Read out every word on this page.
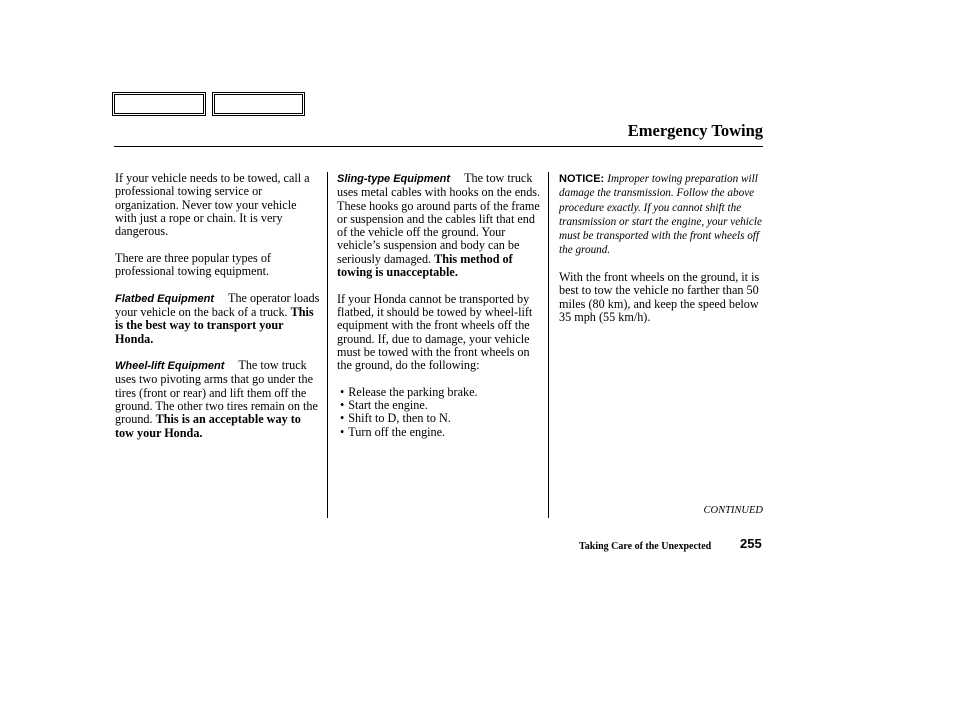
Emergency Towing

If your vehicle needs to be towed, call a professional towing service or organization. Never tow your vehicle with just a rope or chain. It is very dangerous.

There are three popular types of professional towing equipment.

Flatbed Equipment The operator loads your vehicle on the back of a truck. This is the best way to transport your Honda.

Wheel-lift Equipment The tow truck uses two pivoting arms that go under the tires (front or rear) and lift them off the ground. The other two tires remain on the ground. This is an acceptable way to tow your Honda.

Sling-type Equipment The tow truck uses metal cables with hooks on the ends. These hooks go around parts of the frame or suspension and the cables lift that end of the vehicle off the ground. Your vehicle’s suspension and body can be seriously damaged. This method of towing is unacceptable.

If your Honda cannot be transported by flatbed, it should be towed by wheel-lift equipment with the front wheels off the ground. If, due to damage, your vehicle must be towed with the front wheels on the ground, do the following:

• Release the parking brake.
• Start the engine.
• Shift to D, then to N.
• Turn off the engine.

NOTICE: Improper towing preparation will damage the transmission. Follow the above procedure exactly. If you cannot shift the transmission or start the engine, your vehicle must be transported with the front wheels off the ground.

With the front wheels on the ground, it is best to tow the vehicle no farther than 50 miles (80 km), and keep the speed below 35 mph (55 km/h).

CONTINUED
Taking Care of the Unexpected 255
